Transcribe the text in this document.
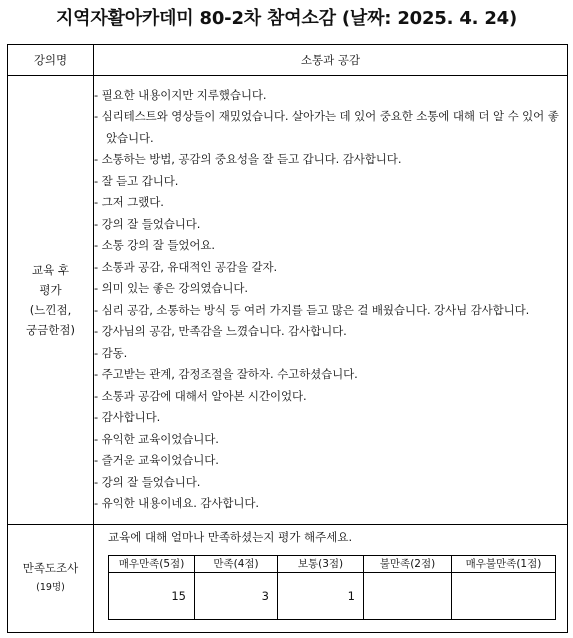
지역자활아카데미 80-2차 참여소감 (날짜: 2025. 4. 24)
강의명	소통과 공감

교육 후
평가
(느낀점,
궁금한점)

- 필요한 내용이지만 지루했습니다.
- 심리테스트와 영상들이 재밌었습니다. 살아가는 데 있어 중요한 소통에 대해 더 알 수 있어 좋았습니다.
- 소통하는 방법, 공감의 중요성을 잘 듣고 갑니다. 감사합니다.
- 잘 듣고 갑니다.
- 그저 그랬다.
- 강의 잘 들었습니다.
- 소통 강의 잘 들었어요.
- 소통과 공감, 유대적인 공감을 갈자.
- 의미 있는 좋은 강의였습니다.
- 심리 공감, 소통하는 방식 등 여러 가지를 듣고 많은 걸 배웠습니다. 강사님 감사합니다.
- 강사님의 공감, 만족감을 느꼈습니다. 감사합니다.
- 감동.
- 주고받는 관계, 감정조절을 잘하자. 수고하셨습니다.
- 소통과 공감에 대해서 알아본 시간이었다.
- 감사합니다.
- 유익한 교육이었습니다.
- 즐거운 교육이었습니다.
- 강의 잘 들었습니다.
- 유익한 내용이네요. 감사합니다.

만족도조사
(19명)

교육에 대해 얼마나 만족하셨는지 평가 해주세요.
매우만족(5점)	만족(4점)	보통(3점)	불만족(2점)	매우불만족(1점)
15	3	1		
